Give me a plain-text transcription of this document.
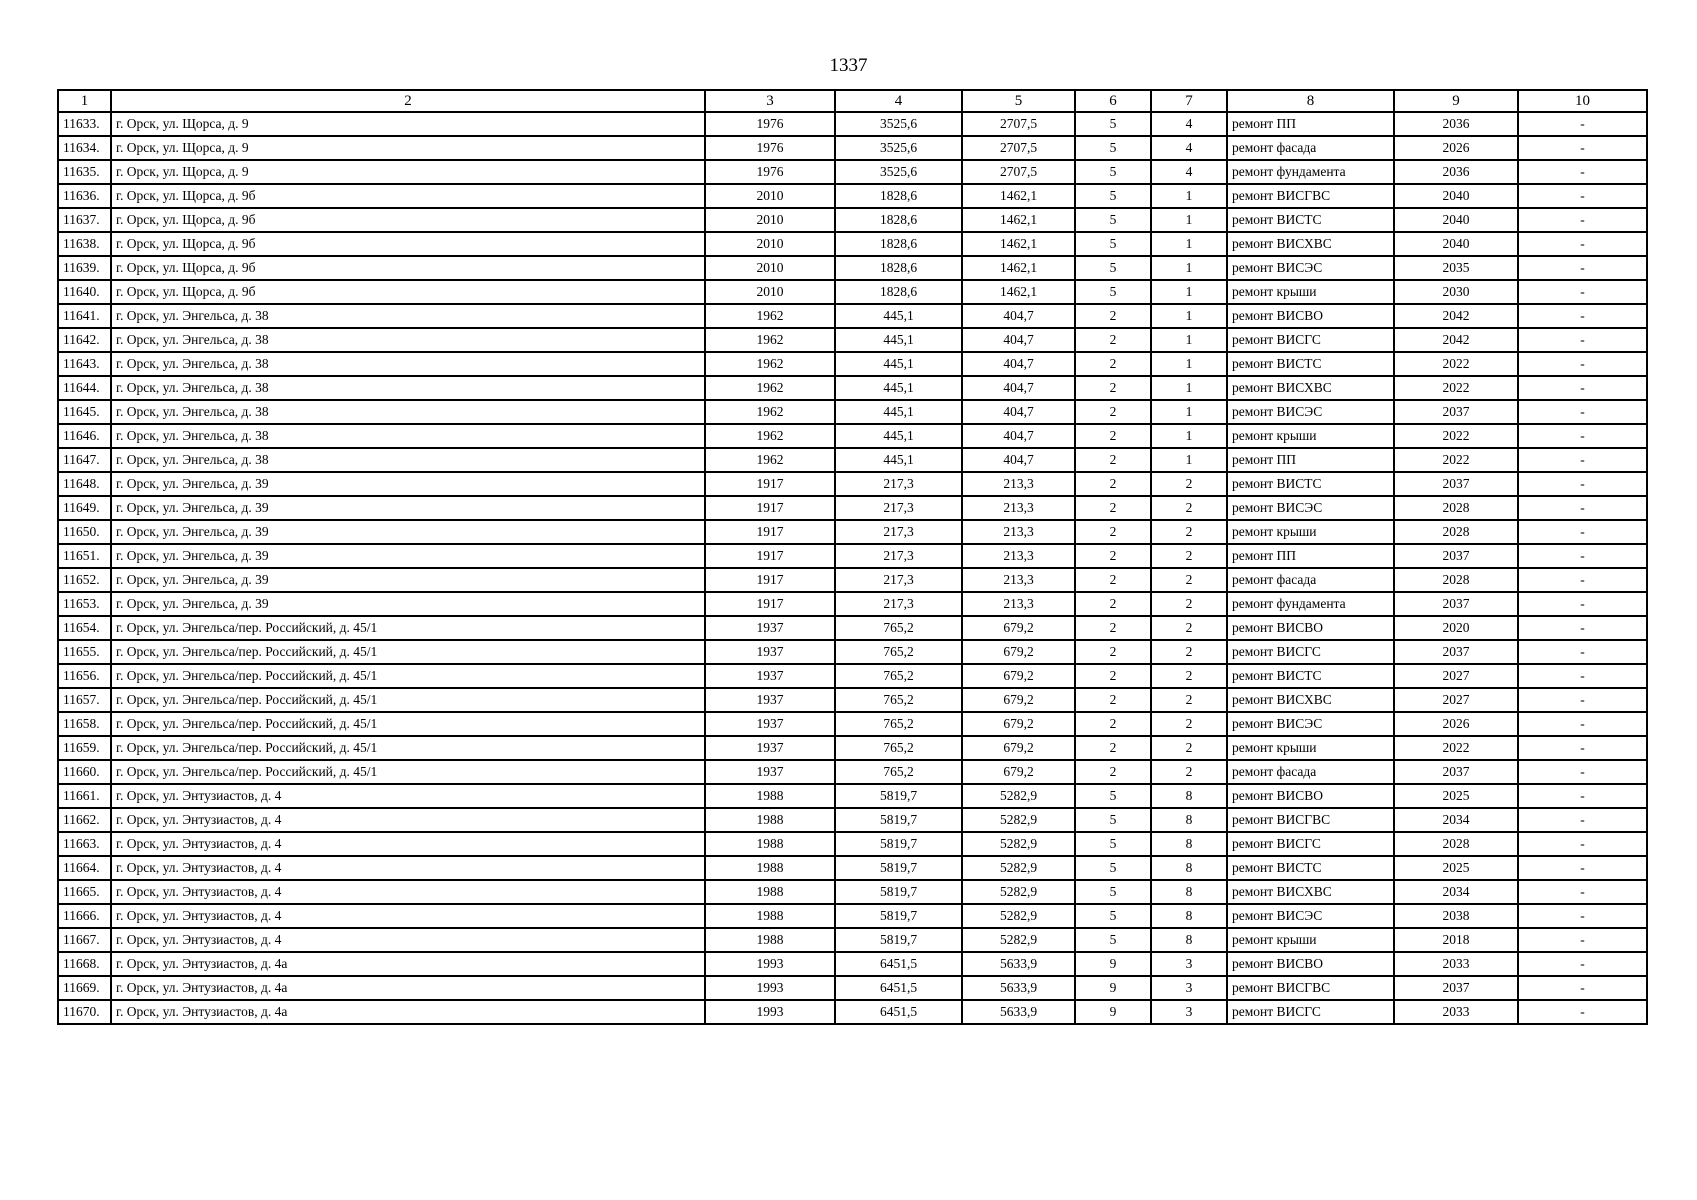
1337
1	2	3	4	5	6	7	8	9	10
11633.	г. Орск, ул. Щорса, д. 9	1976	3525,6	2707,5	5	4	ремонт ПП	2036	-
11634.	г. Орск, ул. Щорса, д. 9	1976	3525,6	2707,5	5	4	ремонт фасада	2026	-
11635.	г. Орск, ул. Щорса, д. 9	1976	3525,6	2707,5	5	4	ремонт фундамента	2036	-
11636.	г. Орск, ул. Щорса, д. 9б	2010	1828,6	1462,1	5	1	ремонт ВИСГВС	2040	-
11637.	г. Орск, ул. Щорса, д. 9б	2010	1828,6	1462,1	5	1	ремонт ВИСТС	2040	-
11638.	г. Орск, ул. Щорса, д. 9б	2010	1828,6	1462,1	5	1	ремонт ВИСХВС	2040	-
11639.	г. Орск, ул. Щорса, д. 9б	2010	1828,6	1462,1	5	1	ремонт ВИСЭС	2035	-
11640.	г. Орск, ул. Щорса, д. 9б	2010	1828,6	1462,1	5	1	ремонт крыши	2030	-
11641.	г. Орск, ул. Энгельса, д. 38	1962	445,1	404,7	2	1	ремонт ВИСВО	2042	-
11642.	г. Орск, ул. Энгельса, д. 38	1962	445,1	404,7	2	1	ремонт ВИСГС	2042	-
11643.	г. Орск, ул. Энгельса, д. 38	1962	445,1	404,7	2	1	ремонт ВИСТС	2022	-
11644.	г. Орск, ул. Энгельса, д. 38	1962	445,1	404,7	2	1	ремонт ВИСХВС	2022	-
11645.	г. Орск, ул. Энгельса, д. 38	1962	445,1	404,7	2	1	ремонт ВИСЭС	2037	-
11646.	г. Орск, ул. Энгельса, д. 38	1962	445,1	404,7	2	1	ремонт крыши	2022	-
11647.	г. Орск, ул. Энгельса, д. 38	1962	445,1	404,7	2	1	ремонт ПП	2022	-
11648.	г. Орск, ул. Энгельса, д. 39	1917	217,3	213,3	2	2	ремонт ВИСТС	2037	-
11649.	г. Орск, ул. Энгельса, д. 39	1917	217,3	213,3	2	2	ремонт ВИСЭС	2028	-
11650.	г. Орск, ул. Энгельса, д. 39	1917	217,3	213,3	2	2	ремонт крыши	2028	-
11651.	г. Орск, ул. Энгельса, д. 39	1917	217,3	213,3	2	2	ремонт ПП	2037	-
11652.	г. Орск, ул. Энгельса, д. 39	1917	217,3	213,3	2	2	ремонт фасада	2028	-
11653.	г. Орск, ул. Энгельса, д. 39	1917	217,3	213,3	2	2	ремонт фундамента	2037	-
11654.	г. Орск, ул. Энгельса/пер. Российский, д. 45/1	1937	765,2	679,2	2	2	ремонт ВИСВО	2020	-
11655.	г. Орск, ул. Энгельса/пер. Российский, д. 45/1	1937	765,2	679,2	2	2	ремонт ВИСГС	2037	-
11656.	г. Орск, ул. Энгельса/пер. Российский, д. 45/1	1937	765,2	679,2	2	2	ремонт ВИСТС	2027	-
11657.	г. Орск, ул. Энгельса/пер. Российский, д. 45/1	1937	765,2	679,2	2	2	ремонт ВИСХВС	2027	-
11658.	г. Орск, ул. Энгельса/пер. Российский, д. 45/1	1937	765,2	679,2	2	2	ремонт ВИСЭС	2026	-
11659.	г. Орск, ул. Энгельса/пер. Российский, д. 45/1	1937	765,2	679,2	2	2	ремонт крыши	2022	-
11660.	г. Орск, ул. Энгельса/пер. Российский, д. 45/1	1937	765,2	679,2	2	2	ремонт фасада	2037	-
11661.	г. Орск, ул. Энтузиастов, д. 4	1988	5819,7	5282,9	5	8	ремонт ВИСВО	2025	-
11662.	г. Орск, ул. Энтузиастов, д. 4	1988	5819,7	5282,9	5	8	ремонт ВИСГВС	2034	-
11663.	г. Орск, ул. Энтузиастов, д. 4	1988	5819,7	5282,9	5	8	ремонт ВИСГС	2028	-
11664.	г. Орск, ул. Энтузиастов, д. 4	1988	5819,7	5282,9	5	8	ремонт ВИСТС	2025	-
11665.	г. Орск, ул. Энтузиастов, д. 4	1988	5819,7	5282,9	5	8	ремонт ВИСХВС	2034	-
11666.	г. Орск, ул. Энтузиастов, д. 4	1988	5819,7	5282,9	5	8	ремонт ВИСЭС	2038	-
11667.	г. Орск, ул. Энтузиастов, д. 4	1988	5819,7	5282,9	5	8	ремонт крыши	2018	-
11668.	г. Орск, ул. Энтузиастов, д. 4а	1993	6451,5	5633,9	9	3	ремонт ВИСВО	2033	-
11669.	г. Орск, ул. Энтузиастов, д. 4а	1993	6451,5	5633,9	9	3	ремонт ВИСГВС	2037	-
11670.	г. Орск, ул. Энтузиастов, д. 4а	1993	6451,5	5633,9	9	3	ремонт ВИСГС	2033	-
